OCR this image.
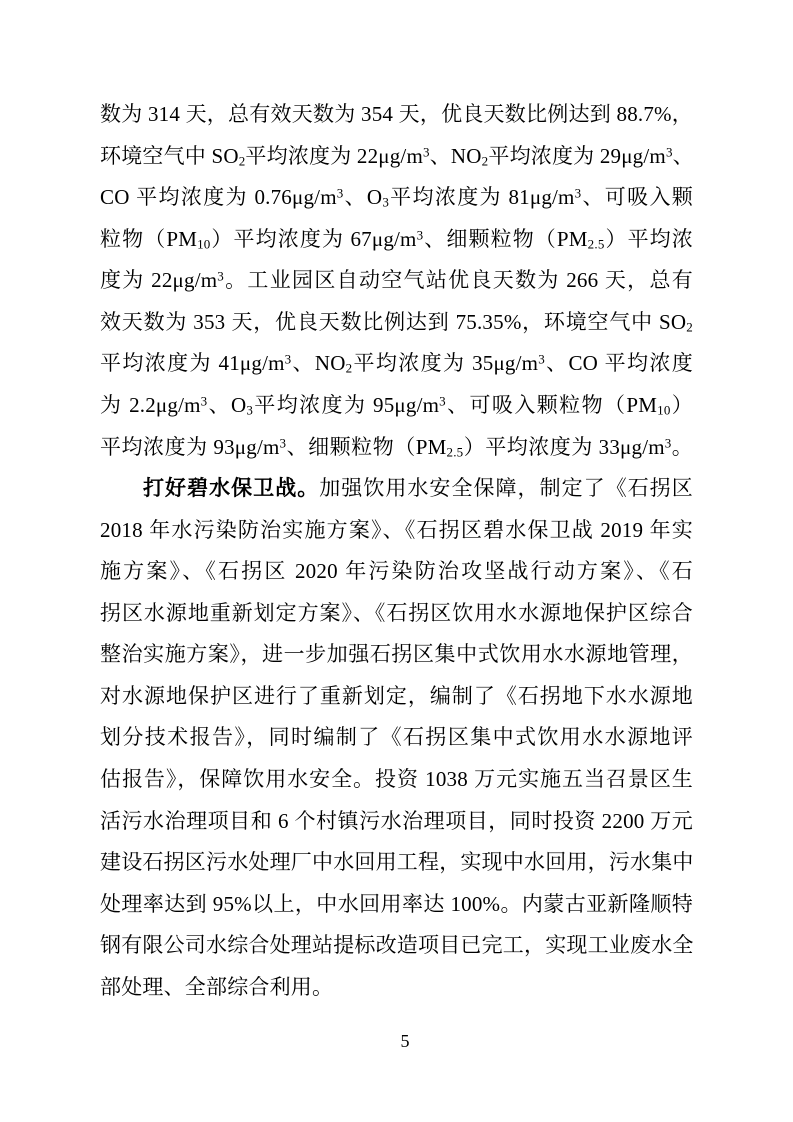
数为 314 天，总有效天数为 354 天，优良天数比例达到 88.7%，
环境空气中 $SO_2$平均浓度为 $22\mu g/m^3$、$NO_2$平均浓度为 $29\mu g/m^3$、
CO 平均浓度为 $0.76\mu g/m^3$、$O_3$平均浓度为 $81\mu g/m^3$、可吸入颗
粒物$(PM_{10})$平均浓度为 $67\mu g/m^3$、细颗粒物$(PM_{2.5})$平均浓
度为 $22\mu g/m^3$。工业园区自动空气站优良天数为 266 天，总有
效天数为 353 天，优良天数比例达到 75.35%，环境空气中 $SO_2$
平均浓度为 $41\mu g/m^3$、$NO_2$平均浓度为 $35\mu g/m^3$、CO 平均浓度
为 $2.2\mu g/m^3$、$O_3$平均浓度为 $95\mu g/m^3$、可吸入颗粒物$(PM_{10})$
平均浓度为 $93\mu g/m^3$、细颗粒物$(PM_{2.5})$平均浓度为 $33\mu g/m^3$。
打好碧水保卫战。加强饮用水安全保障，制定了《石拐区
2018 年水污染防治实施方案》、《石拐区碧水保卫战 2019 年实
施方案》、《石拐区 2020 年污染防治攻坚战行动方案》、《石
拐区水源地重新划定方案》、《石拐区饮用水水源地保护区综合
整治实施方案》，进一步加强石拐区集中式饮用水水源地管理，
对水源地保护区进行了重新划定，编制了《石拐地下水水源地
划分技术报告》，同时编制了《石拐区集中式饮用水水源地评
估报告》，保障饮用水安全。投资 1038 万元实施五当召景区生
活污水治理项目和 6 个村镇污水治理项目，同时投资 2200 万元
建设石拐区污水处理厂中水回用工程，实现中水回用，污水集中
处理率达到 95%以上，中水回用率达 100%。内蒙古亚新隆顺特
钢有限公司水综合处理站提标改造项目已完工，实现工业废水全
部处理、全部综合利用。
5
